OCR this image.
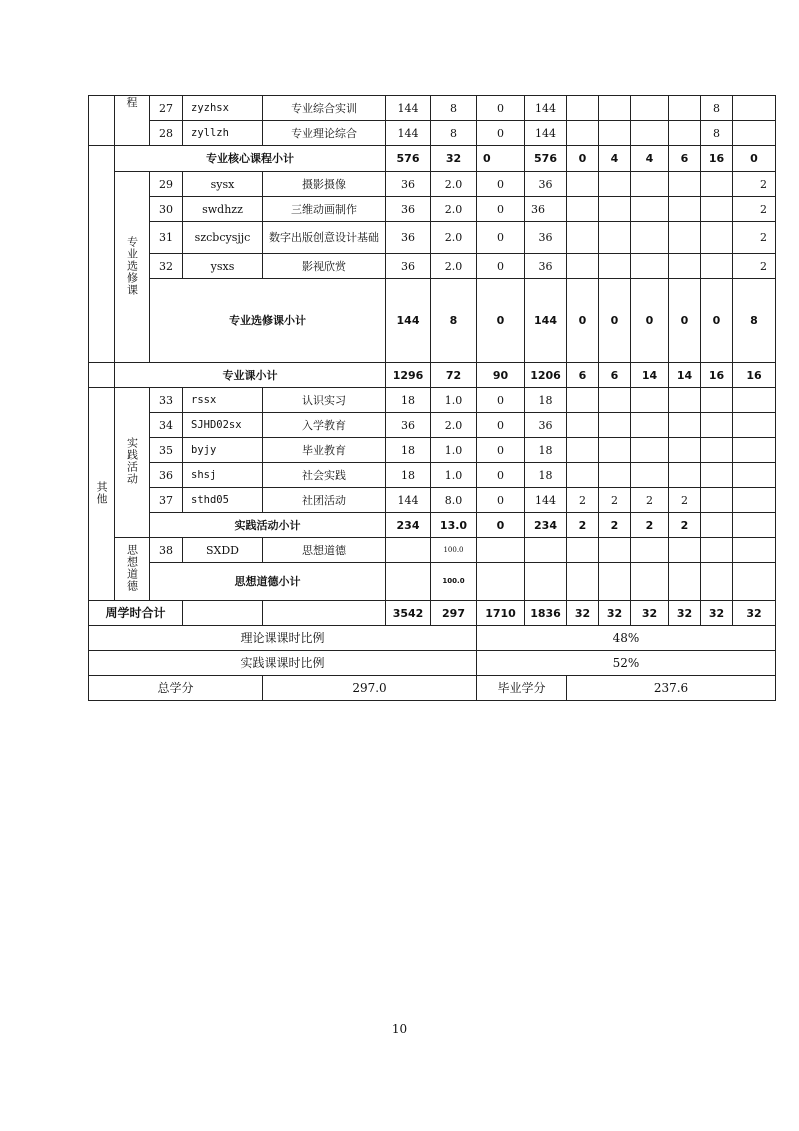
	程	27	zyzhsx	专业综合实训	144	8	0	144					8	
		28	zyllzh	专业理论综合	144	8	0	144					8	
	专业核心课程小计				576	32	0	576	0	4	4	6	16	0
	专业选修课	29	sysx	摄影摄像	36	2.0	0	36						2
		30	swdhzz	三维动画制作	36	2.0	0	36						2
		31	szcbcysjjc	数字出版创意设计基础	36	2.0	0	36						2
		32	ysxs	影视欣赏	36	2.0	0	36						2
		专业选修课小计			144	8	0	144	0	0	0	0	0	8
	专业课小计				1296	72	90	1206	6	6	14	14	16	16
其他	实践活动	33	rssx	认识实习	18	1.0	0	18						
		34	SJHD02sx	入学教育	36	2.0	0	36						
		35	byjy	毕业教育	18	1.0	0	18						
		36	shsj	社会实践	18	1.0	0	18						
		37	sthd05	社团活动	144	8.0	0	144	2	2	2	2		
		实践活动小计			234	13.0	0	234	2	2	2	2		
	思想道德	38	SXDD	思想道德		100.0								
		思想道德小计				100.0								
周学时合计					3542	297	1710	1836	32	32	32	32	32	32
理论课课时比例							48%							
实践课课时比例							52%							
总学分				297.0			毕业学分		237.6					
10
